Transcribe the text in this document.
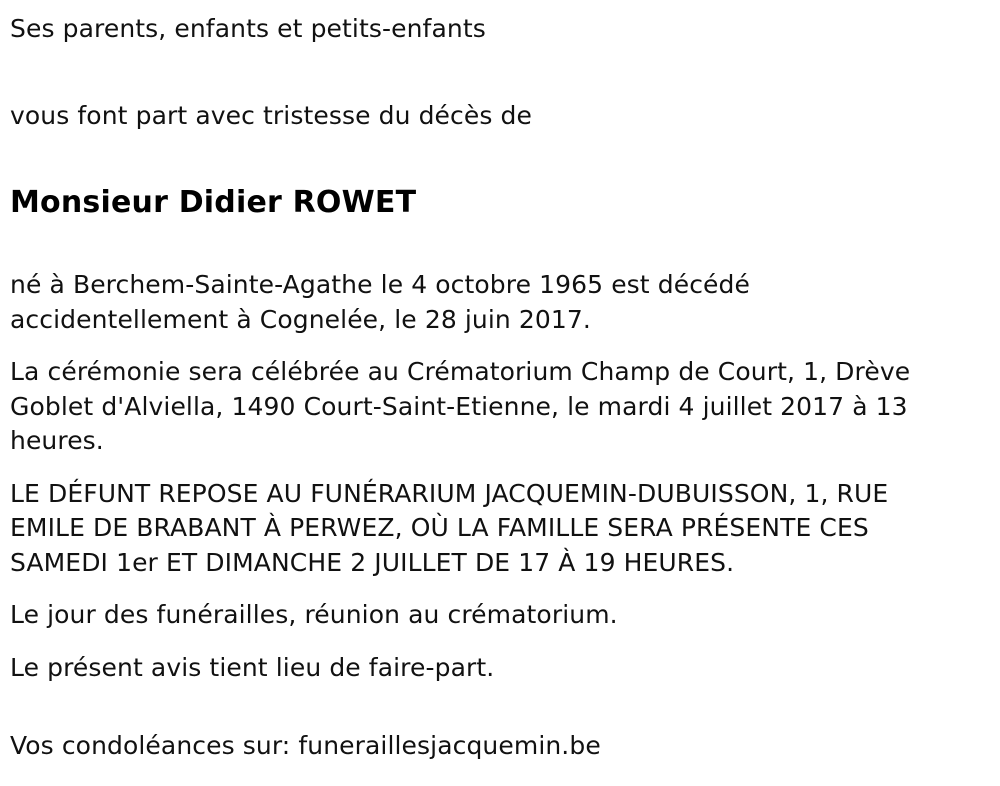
Ses parents, enfants et petits-enfants

vous font part avec tristesse du décès de

Monsieur Didier ROWET

né à Berchem-Sainte-Agathe le 4 octobre 1965 est décédé accidentellement à Cognelée, le 28 juin 2017.

La cérémonie sera célébrée au Crématorium Champ de Court, 1, Drève Goblet d'Alviella, 1490 Court-Saint-Etienne, le mardi 4 juillet 2017 à 13 heures.

LE DÉFUNT REPOSE AU FUNÉRARIUM JACQUEMIN-DUBUISSON, 1, RUE EMILE DE BRABANT À PERWEZ, OÙ LA FAMILLE SERA PRÉSENTE CES SAMEDI 1er ET DIMANCHE 2 JUILLET DE 17 À 19 HEURES.

Le jour des funérailles, réunion au crématorium.

Le présent avis tient lieu de faire-part.

Vos condoléances sur: funeraillesjacquemin.be
